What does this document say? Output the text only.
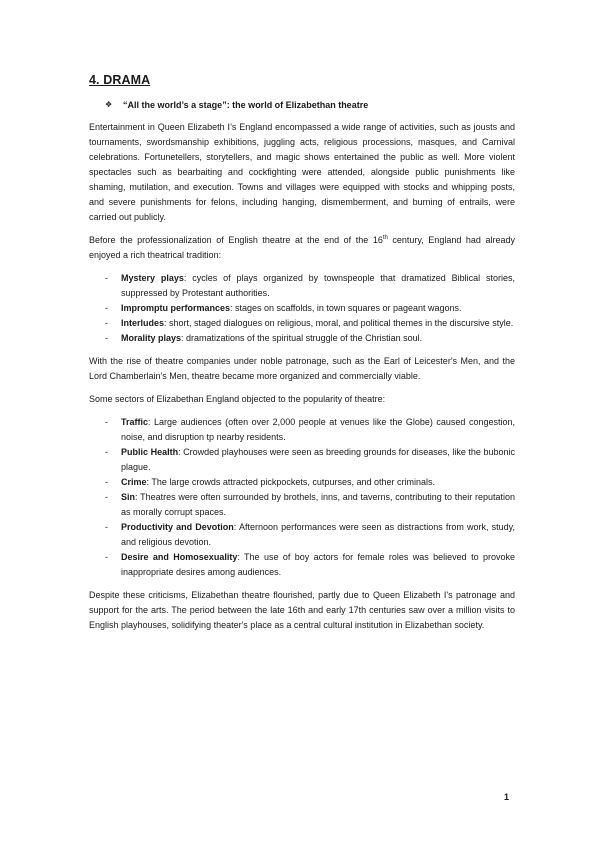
4. DRAMA
❖	“All the world’s a stage”: the world of Elizabethan theatre

Entertainment in Queen Elizabeth I’s England encompassed a wide range of activities, such as jousts and tournaments, swordsmanship exhibitions, juggling acts, religious processions, masques, and Carnival celebrations. Fortunetellers, storytellers, and magic shows entertained the public as well. More violent spectacles such as bearbaiting and cockfighting were attended, alongside public punishments like shaming, mutilation, and execution. Towns and villages were equipped with stocks and whipping posts, and severe punishments for felons, including hanging, dismemberment, and burning of entrails, were carried out publicly.

Before the professionalization of English theatre at the end of the 16th century, England had already enjoyed a rich theatrical tradition:

- Mystery plays: cycles of plays organized by townspeople that dramatized Biblical stories, suppressed by Protestant authorities.
- Impromptu performances: stages on scaffolds, in town squares or pageant wagons.
- Interludes: short, staged dialogues on religious, moral, and political themes in the discursive style.
- Morality plays: dramatizations of the spiritual struggle of the Christian soul.

With the rise of theatre companies under noble patronage, such as the Earl of Leicester's Men, and the Lord Chamberlain's Men, theatre became more organized and commercially viable.

Some sectors of Elizabethan England objected to the popularity of theatre:

- Traffic: Large audiences (often over 2,000 people at venues like the Globe) caused congestion, noise, and disruption tp nearby residents.
- Public Health: Crowded playhouses were seen as breeding grounds for diseases, like the bubonic plague.
- Crime: The large crowds attracted pickpockets, cutpurses, and other criminals.
- Sin: Theatres were often surrounded by brothels, inns, and taverns, contributing to their reputation as morally corrupt spaces.
- Productivity and Devotion: Afternoon performances were seen as distractions from work, study, and religious devotion.
- Desire and Homosexuality: The use of boy actors for female roles was believed to provoke inappropriate desires among audiences.

Despite these criticisms, Elizabethan theatre flourished, partly due to Queen Elizabeth I's patronage and support for the arts. The period between the late 16th and early 17th centuries saw over a million visits to English playhouses, solidifying theater's place as a central cultural institution in Elizabethan society.

1
